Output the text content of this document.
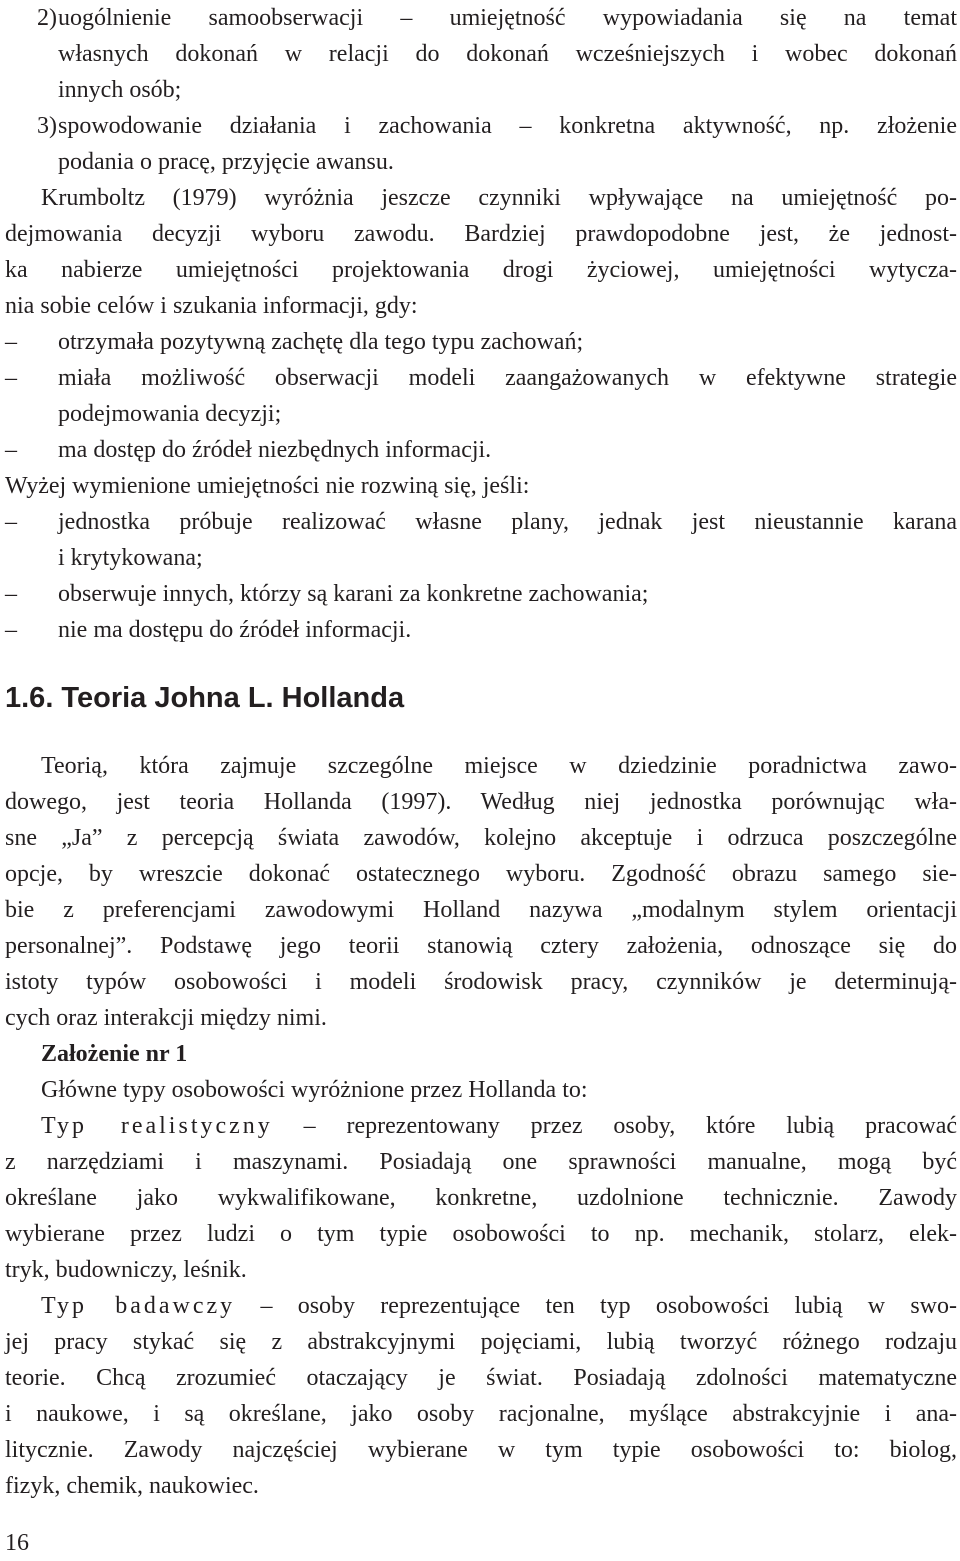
2) uogólnienie samoobserwacji – umiejętność wypowiadania się na temat
własnych dokonań w relacji do dokonań wcześniejszych i wobec dokonań
innych osób;
3) spowodowanie działania i zachowania – konkretna aktywność, np. złożenie
podania o pracę, przyjęcie awansu.
Krumboltz (1979) wyróżnia jeszcze czynniki wpływające na umiejętność po-
dejmowania decyzji wyboru zawodu. Bardziej prawdopodobne jest, że jednost-
ka nabierze umiejętności projektowania drogi życiowej, umiejętności wytycza-
nia sobie celów i szukania informacji, gdy:
–	otrzymała pozytywną zachętę dla tego typu zachowań;
–	miała możliwość obserwacji modeli zaangażowanych w efektywne strategie
podejmowania decyzji;
–	ma dostęp do źródeł niezbędnych informacji.
Wyżej wymienione umiejętności nie rozwiną się, jeśli:
–	jednostka próbuje realizować własne plany, jednak jest nieustannie karana
i krytykowana;
–	obserwuje innych, którzy są karani za konkretne zachowania;
–	nie ma dostępu do źródeł informacji.
1.6. Teoria Johna L. Hollanda
Teorią, która zajmuje szczególne miejsce w dziedzinie poradnictwa zawo-
dowego, jest teoria Hollanda (1997). Według niej jednostka porównując wła-
sne „Ja” z percepcją świata zawodów, kolejno akceptuje i odrzuca poszczególne
opcje, by wreszcie dokonać ostatecznego wyboru. Zgodność obrazu samego sie-
bie z preferencjami zawodowymi Holland nazywa „modalnym stylem orientacji
personalnej”. Podstawę jego teorii stanowią cztery założenia, odnoszące się do
istoty typów osobowości i modeli środowisk pracy, czynników je determinują-
cych oraz interakcji między nimi.
Założenie nr 1
Główne typy osobowości wyróżnione przez Hollanda to:
Typ realistyczny – reprezentowany przez osoby, które lubią pracować
z narzędziami i maszynami. Posiadają one sprawności manualne, mogą być
określane jako wykwalifikowane, konkretne, uzdolnione technicznie. Zawody
wybierane przez ludzi o tym typie osobowości to np. mechanik, stolarz, elek-
tryk, budowniczy, leśnik.
Typ badawczy – osoby reprezentujące ten typ osobowości lubią w swo-
jej pracy stykać się z abstrakcyjnymi pojęciami, lubią tworzyć różnego rodzaju
teorie. Chcą zrozumieć otaczający je świat. Posiadają zdolności matematyczne
i naukowe, i są określane, jako osoby racjonalne, myślące abstrakcyjnie i ana-
litycznie. Zawody najczęściej wybierane w tym typie osobowości to: biolog,
fizyk, chemik, naukowiec.
16
